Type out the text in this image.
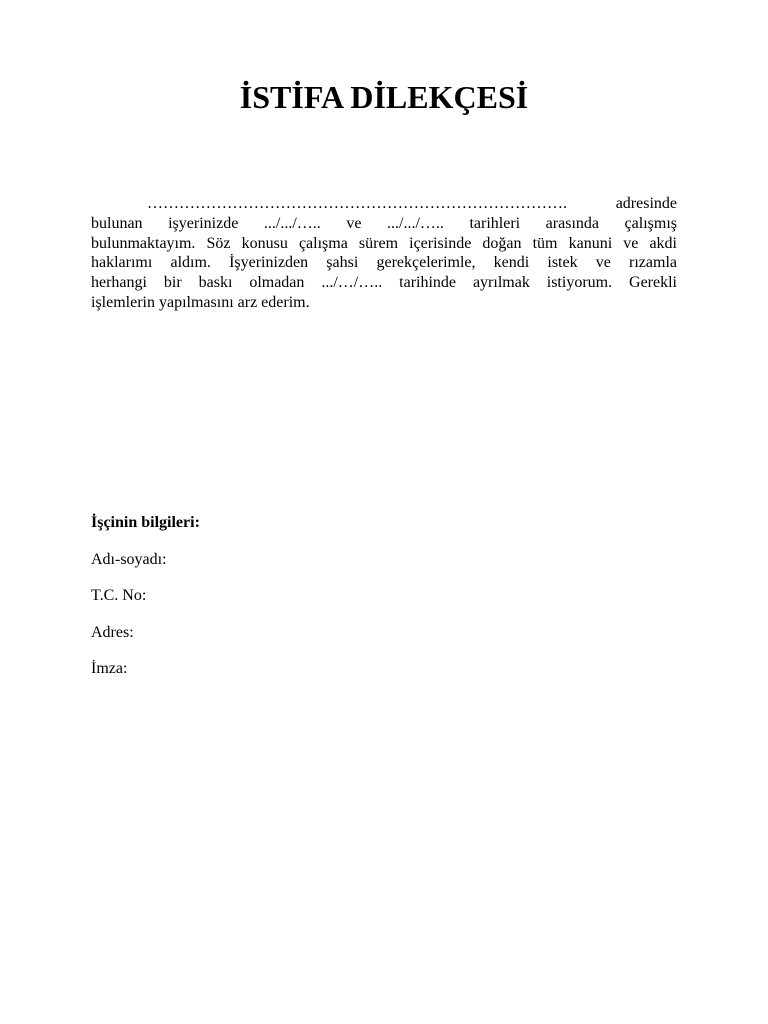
İSTİFA DİLEKÇESİ
……………………………………………………………………. adresinde
bulunan işyerinizde .../.../….. ve .../.../….. tarihleri arasında çalışmış
bulunmaktayım. Söz konusu çalışma sürem içerisinde doğan tüm kanuni ve akdi
haklarımı aldım. İşyerinizden şahsi gerekçelerimle, kendi istek ve rızamla
herhangi bir baskı olmadan .../…/….. tarihinde ayrılmak istiyorum. Gerekli
işlemlerin yapılmasını arz ederim.

İşçinin bilgileri:

Adı-soyadı:

T.C. No:

Adres:

İmza:
